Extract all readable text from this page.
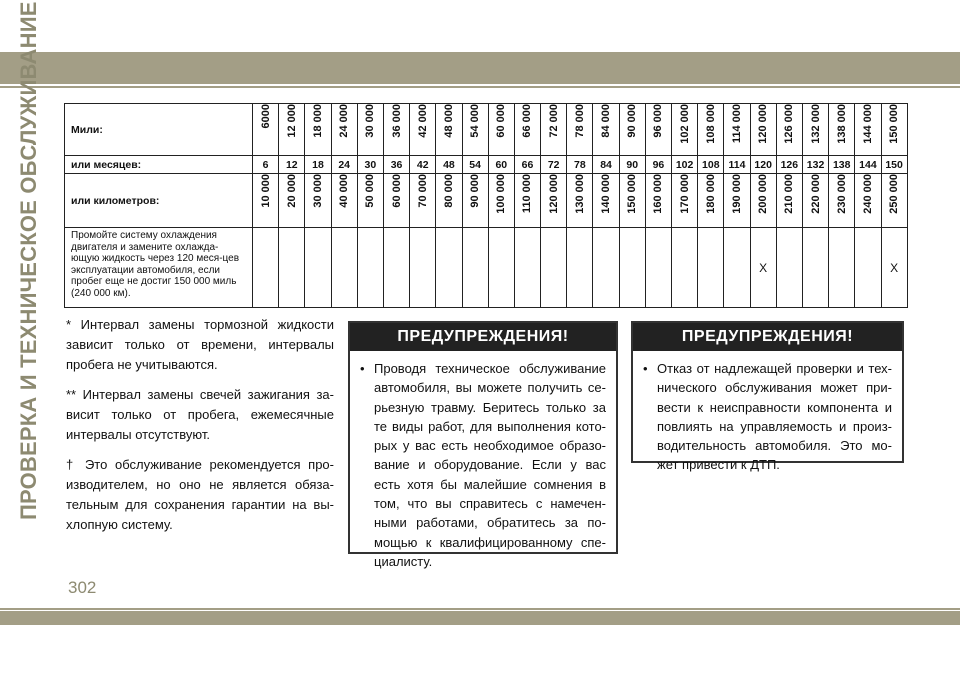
ПРОВЕРКА И ТЕХНИЧЕСКОЕ ОБСЛУЖИВАНИЕ	Мили:	6000	12 000	18 000	24 000	30 000	36 000	42 000	48 000	54 000	60 000	66 000	72 000	78 000	84 000	90 000	96 000	102 000	108 000	114 000	120 000	126 000	132 000	138 000	144 000	150 000
или месяцев:	6	12	18	24	30	36	42	48	54	60	66	72	78	84	90	96	102	108	114	120	126	132	138	144	150
или километров:	10 000	20 000	30 000	40 000	50 000	60 000	70 000	80 000	90 000	100 000	110 000	120 000	130 000	140 000	150 000	160 000	170 000	180 000	190 000	200 000	210 000	220 000	230 000	240 000	250 000
Промойте систему охлаждения двигателя и замените охлажда-ющую жидкость через 120 меся-цев эксплуатации автомобиля, если пробег еще не достиг 150 000 миль (240 000 км).																				X					X

* Интервал замены тормозной жидкости зависит только от времени, интервалы пробега не учитываются.

** Интервал замены свечей зажигания за-висит только от пробега, ежемесячные интервалы отсутствуют.

† Это обслуживание рекомендуется про-изводителем, но оно не является обяза-тельным для сохранения гарантии на вы-хлопную систему.

ПРЕДУПРЕЖДЕНИЯ!
• Проводя техническое обслуживание автомобиля, вы можете получить се-рьезную травму. Беритесь только за те виды работ, для выполнения кото-рых у вас есть необходимое образо-вание и оборудование. Если у вас есть хотя бы малейшие сомнения в том, что вы справитесь с намечен-ными работами, обратитесь за по-мощью к квалифицированному спе-циалисту.
ПРЕДУПРЕЖДЕНИЯ!
• Отказ от надлежащей проверки и тех-нического обслуживания может при-вести к неисправности компонента и повлиять на управляемость и произ-водительность автомобиля. Это мо-жет привести к ДТП.
302
